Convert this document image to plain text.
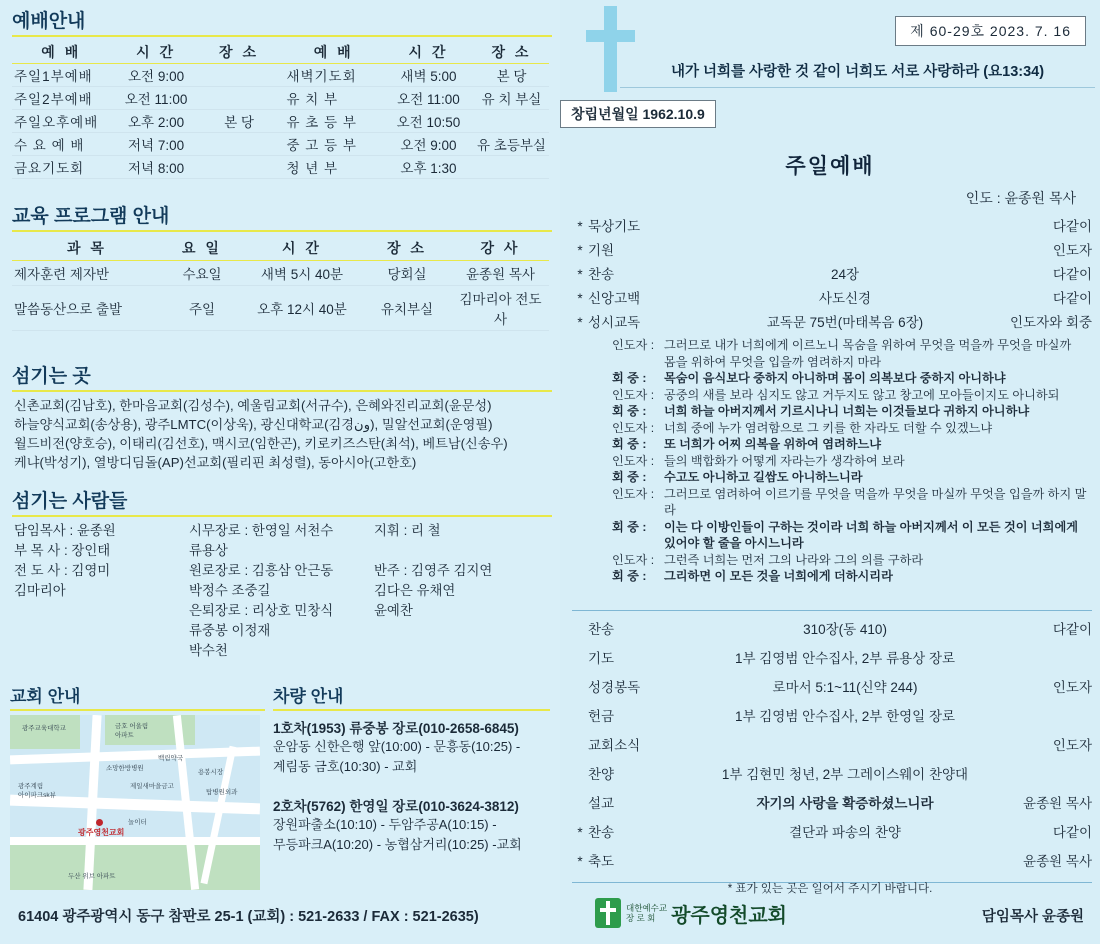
예배안내
예 배	시 간	장 소		예 배	시 간	장 소
주일1부예배	오전 9:00			새벽기도회	새벽 5:00	본 당
주일2부예배	오전 11:00			유 치 부	오전 11:00	유 치 부실
주일오후예배	오후 2:00	본 당		유 초 등 부	오전 10:50	
수 요 예 배	저녁 7:00			중 고 등 부	오전 9:00	유 초등부실
금요기도회	저녁 8:00			청 년 부	오후 1:30	
교육 프로그램 안내
과 목	요 일	시 간	장 소	강 사
제자훈련 제자반	수요일	새벽 5시 40분	당회실	윤종원 목사
말씀동산으로 출발	주일	오후 12시 40분	유치부실	김마리아 전도사
섬기는 곳
신촌교회(김남호), 한마음교회(김성수), 예울림교회(서규수), 은혜와진리교회(윤문성)
하늘양식교회(송상용), 광주LMTC(이상욱), 광신대학교(김경ون), 밀알선교회(운영필)
월드비전(양호승), 이태리(김선호), 맥시코(임한곤), 키로키즈스탄(최석), 베트남(신송우)
케냐(박성기), 열방디딤돌(AP)선교회(필리핀 최성렬), 동아시아(고한호)
섬기는 사람들
담임목사 : 윤종원	시무장로 : 한영일 서천수	지휘 : 리 철
부 목 사 : 장인태	류용상
전 도 사 : 김영미	원로장로 : 김흥삼 안근동	반주 : 김영주 김지연
김마리아	박정수 조중길	김다은 유채연
은퇴장로 : 리상호 민창식	윤예찬
류중봉 이정재
박수천
교회 안내
광주영천교회
광주교육대학교	금호 어울림
아파트
백림약국
소망한방병원
용봉시장
광주계림
아이파크sk뷰
제일새마을금고
탑병원외과
놀이터
두산 위브 아파트
차량 안내
1호차(1953) 류중봉 장로(010-2658-6845)
운암동 신한은행 앞(10:00) - 문흥동(10:25) -
계림동 금호(10:30) - 교회
2호차(5762) 한영일 장로(010-3624-3812)
장원파출소(10:10) - 두암주공A(10:15) -
무등파크A(10:20) - 농협삼거리(10:25) -교회
61404 광주광역시 동구 참판로 25-1 (교회) : 521-2633 / FAX : 521-2635)
제 60-29호 2023. 7. 16
내가 너희를 사랑한 것 같이 너희도 서로 사랑하라 (요13:34)
창립년월일 1962.10.9
주일예배
인도 : 윤종원 목사
* 묵상기도	다같이
* 기원	인도자
* 찬송	24장	다같이
* 신앙고백	사도신경	다같이
* 성시교독	교독문 75번(마태복음 6장)	인도자와 회중
인도자 : 그러므로 내가 너희에게 이르노니 목숨을 위하여 무엇을 먹을까 무엇을 마실까
몸을 위하여 무엇을 입을까 염려하지 마라
회 중 :	목숨이 음식보다 중하지 아니하며 몸이 의복보다 중하지 아니하냐
인도자 : 공중의 새를 보라 심지도 않고 거두지도 않고 창고에 모아들이지도 아니하되
회 중 :	너희 하늘 아버지께서 기르시나니 너희는 이것들보다 귀하지 아니하냐
인도자 : 너희 중에 누가 염려함으로 그 키를 한 자라도 더할 수 있겠느냐
회 중 :	또 너희가 어찌 의복을 위하여 염려하느냐
인도자 : 들의 백합화가 어떻게 자라는가 생각하여 보라
회 중 :	수고도 아니하고 길쌈도 아니하느니라
인도자 : 그러므로 염려하여 이르기를 무엇을 먹을까 무엇을 마실까 무엇을 입을까 하지 말라
회 중 :	이는 다 이방인들이 구하는 것이라 너희 하늘 아버지께서 이 모든 것이 너희에게
있어야 할 줄을 아시느니라
인도자 : 그런즉 너희는 먼저 그의 나라와 그의 의를 구하라
회 중 :	그리하면 이 모든 것을 너희에게 더하시리라
찬송	310장(동 410)	다같이
기도	1부 김영범 안수집사, 2부 류용상 장로
성경봉독	로마서 5:1~11(신약 244)	인도자
헌금	1부 김영범 안수집사, 2부 한영일 장로
교회소식	인도자
찬양	1부 김현민 청년, 2부 그레이스웨이 찬양대
설교	자기의 사랑을 확증하셨느니라	윤종원 목사
* 찬송	결단과 파송의 찬양	다같이
* 축도	윤종원 목사
* 표가 있는 곳은 일어서 주시기 바랍니다.
대한예수교
장 로 회 광주영천교회	담임목사 윤종원
